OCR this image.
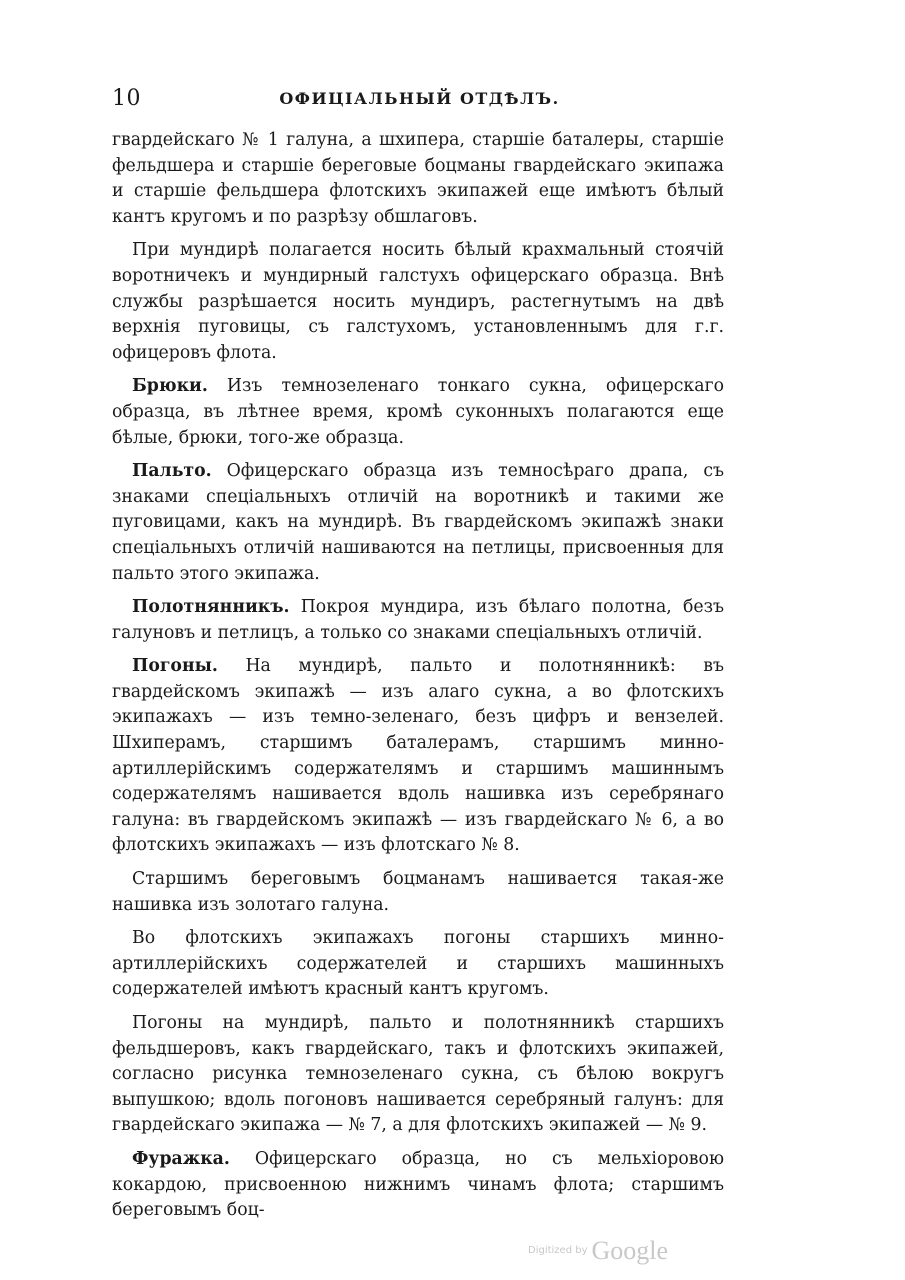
10	ОФИЦІАЛЬНЫЙ ОТДѢЛЪ.

гвардейскаго № 1 галуна, а шхипера, старшіе баталеры, старшіе фельдшера и старшіе береговые боцманы гвардейскаго экипажа и старшіе фельдшера флотскихъ экипажей еще имѣютъ бѣлый кантъ кругомъ и по разрѣзу обшлаговъ.

При мундирѣ полагается носить бѣлый крахмальный стоячій воротничекъ и мундирный галстухъ офицерскаго образца. Внѣ службы разрѣшается носить мундиръ, растегнутымъ на двѣ верхнія пуговицы, съ галстухомъ, установленнымъ для г.г. офицеровъ флота.

Брюки. Изъ темнозеленаго тонкаго сукна, офицерскаго образца, въ лѣтнее время, кромѣ суконныхъ полагаются еще бѣлые, брюки, того-же образца.

Пальто. Офицерскаго образца изъ темносѣраго драпа, съ знаками спеціальныхъ отличій на воротникѣ и такими же пуговицами, какъ на мундирѣ. Въ гвардейскомъ экипажѣ знаки спеціальныхъ отличій нашиваются на петлицы, присвоенныя для пальто этого экипажа.

Полотнянникъ. Покроя мундира, изъ бѣлаго полотна, безъ галуновъ и петлицъ, а только со знаками спеціальныхъ отличій.

Погоны. На мундирѣ, пальто и полотнянникѣ: въ гвардейскомъ экипажѣ — изъ алаго сукна, а во флотскихъ экипажахъ — изъ темно-зеленаго, безъ цифръ и вензелей. Шхиперамъ, старшимъ баталерамъ, старшимъ минно-артиллерійскимъ содержателямъ и старшимъ машиннымъ содержателямъ нашивается вдоль нашивка изъ серебрянаго галуна: въ гвардейскомъ экипажѣ — изъ гвардейскаго № 6, а во флотскихъ экипажахъ — изъ флотскаго № 8.

Старшимъ береговымъ боцманамъ нашивается такая-же нашивка изъ золотаго галуна.

Во флотскихъ экипажахъ погоны старшихъ минно-артиллерійскихъ содержателей и старшихъ машинныхъ содержателей имѣютъ красный кантъ кругомъ.

Погоны на мундирѣ, пальто и полотнянникѣ старшихъ фельдшеровъ, какъ гвардейскаго, такъ и флотскихъ экипажей, согласно рисунка темнозеленаго сукна, съ бѣлою вокругъ выпушкою; вдоль погоновъ нашивается серебряный галунъ: для гвардейскаго экипажа — № 7, а для флотскихъ экипажей — № 9.

Фуражка. Офицерскаго образца, но съ мельхіоровою кокардою, присвоенною нижнимъ чинамъ флота; старшимъ береговымъ боц-

$^{Digitized by}$ Google
